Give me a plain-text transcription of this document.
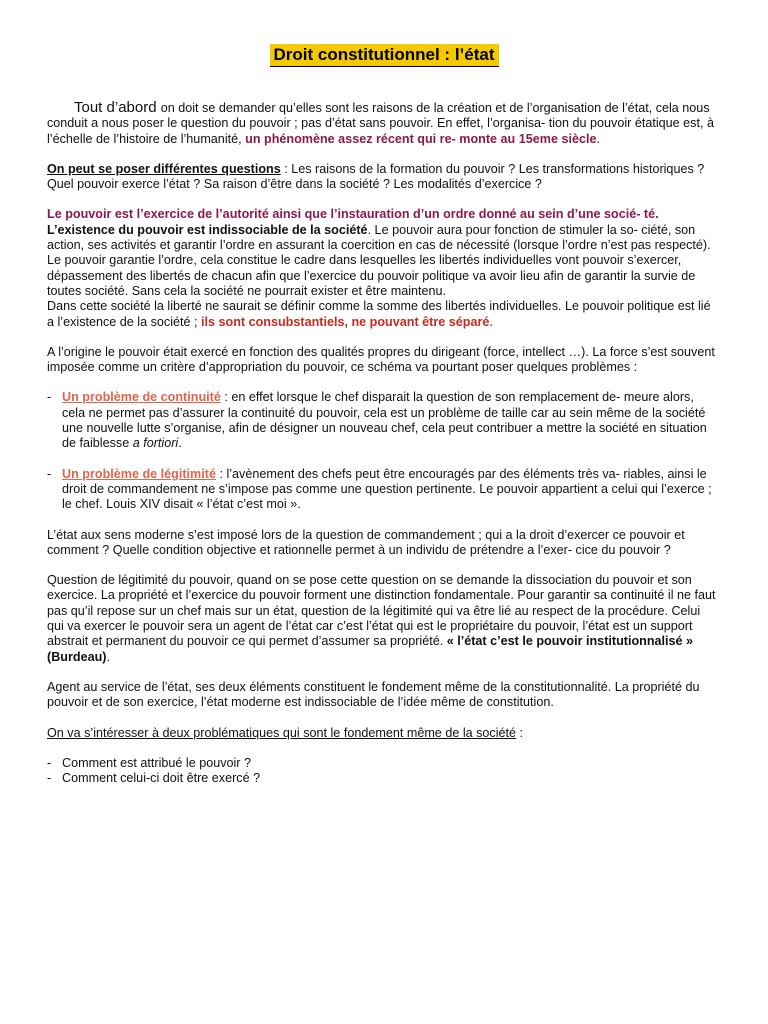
Droit constitutionnel : l’état

Tout d’abord on doit se demander qu’elles sont les raisons de la création et de l’organisation de l’état, cela nous conduit a nous poser le question du pouvoir ; pas d’état sans pouvoir. En effet, l’organisa- tion du pouvoir étatique est, à l’échelle de l’histoire de l’humanité, un phénomène assez récent qui re- monte au 15eme siècle.

On peut se poser différentes questions : Les raisons de la formation du pouvoir ? Les transformations historiques ? Quel pouvoir exerce l’état ? Sa raison d’être dans la société ? Les modalités d’exercice ?

Le pouvoir est l’exercice de l’autorité ainsi que l’instauration d’un ordre donné au sein d’une socié- té.

L’existence du pouvoir est indissociable de la société. Le pouvoir aura pour fonction de stimuler la so- ciété, son action, ses activités et garantir l’ordre en assurant la coercition en cas de nécessité (lorsque l’ordre n’est pas respecté).

Le pouvoir garantie l’ordre, cela constitue le cadre dans lesquelles les libertés individuelles vont pouvoir s’exercer, dépassement des libertés de chacun afin que l’exercice du pouvoir politique va avoir lieu afin de garantir la survie de toutes société. Sans cela la société ne pourrait exister et être maintenu.

Dans cette société la liberté ne saurait se définir comme la somme des libertés individuelles. Le pouvoir politique est lié a l’existence de la société ; ils sont consubstantiels, ne pouvant être séparé.

A l’origine le pouvoir était exercé en fonction des qualités propres du dirigeant (force, intellect …). La force s’est souvent imposée comme un critère d’appropriation du pouvoir, ce schéma va pourtant poser quelques problèmes :

- Un problème de continuité : en effet lorsque le chef disparait la question de son remplacement de- meure alors, cela ne permet pas d’assurer la continuité du pouvoir, cela est un problème de taille car au sein même de la société une nouvelle lutte s’organise, afin de désigner un nouveau chef, cela peut contribuer a mettre la société en situation de faiblesse a fortiori.

- Un problème de légitimité : l’avènement des chefs peut être encouragés par des éléments très va- riables, ainsi le droit de commandement ne s’impose pas comme une question pertinente. Le pouvoir appartient a celui qui l’exerce ; le chef. Louis XIV disait « l’état c’est moi ».

L’état aux sens moderne s’est imposé lors de la question de commandement ; qui a la droit d’exercer ce pouvoir et comment ? Quelle condition objective et rationnelle permet à un individu de prétendre a l’exer- cice du pouvoir ?

Question de légitimité du pouvoir, quand on se pose cette question on se demande la dissociation du pouvoir et son exercice. La propriété et l’exercice du pouvoir forment une distinction fondamentale. Pour garantir sa continuité il ne faut pas qu’il repose sur un chef mais sur un état, question de la légitimité qui va être lié au respect de la procédure. Celui qui va exercer le pouvoir sera un agent de l’état car c’est l’état qui est le propriétaire du pouvoir, l’état est un support abstrait et permanent du pouvoir ce qui permet d’assumer sa propriété. « l’état c’est le pouvoir institutionnalisé » (Burdeau).

Agent au service de l’état, ses deux éléments constituent le fondement même de la constitutionnalité. La propriété du pouvoir et de son exercice, l’état moderne est indissociable de l’idée même de constitution.

On va s’intéresser à deux problématiques qui sont le fondement même de la société :

- Comment est attribué le pouvoir ?
- Comment celui-ci doit être exercé ?
